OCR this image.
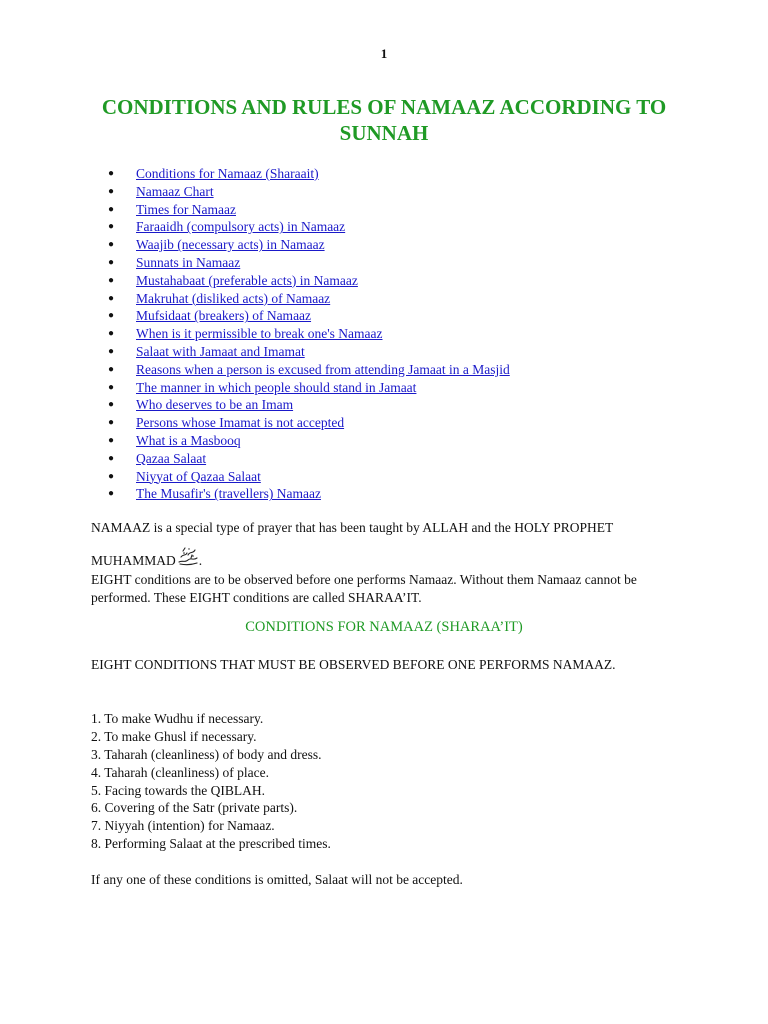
1
CONDITIONS AND RULES OF NAMAAZ ACCORDING TO SUNNAH
● Conditions for Namaaz (Sharaait)
● Namaaz Chart
● Times for Namaaz
● Faraaidh (compulsory acts) in Namaaz
● Waajib (necessary acts) in Namaaz
● Sunnats in Namaaz
● Mustahabaat (preferable acts) in Namaaz
● Makruhat (disliked acts) of Namaaz
● Mufsidaat (breakers) of Namaaz
● When is it permissible to break one's Namaaz
● Salaat with Jamaat and Imamat
● Reasons when a person is excused from attending Jamaat in a Masjid
● The manner in which people should stand in Jamaat
● Who deserves to be an Imam
● Persons whose Imamat is not accepted
● What is a Masbooq
● Qazaa Salaat
● Niyyat of Qazaa Salaat
● The Musafir's (travellers) Namaaz

NAMAAZ is a special type of prayer that has been taught by ALLAH and the HOLY PROPHET

MUHAMMAD .

EIGHT conditions are to be observed before one performs Namaaz. Without them Namaaz cannot be performed. These EIGHT conditions are called SHARAA’IT.

CONDITIONS FOR NAMAAZ (SHARAA’IT)
EIGHT CONDITIONS THAT MUST BE OBSERVED BEFORE ONE PERFORMS NAMAAZ.
1. To make Wudhu if necessary.
2. To make Ghusl if necessary.
3. Taharah (cleanliness) of body and dress.
4. Taharah (cleanliness) of place.
5. Facing towards the QIBLAH.
6. Covering of the Satr (private parts).
7. Niyyah (intention) for Namaaz.
8. Performing Salaat at the prescribed times.
If any one of these conditions is omitted, Salaat will not be accepted.
